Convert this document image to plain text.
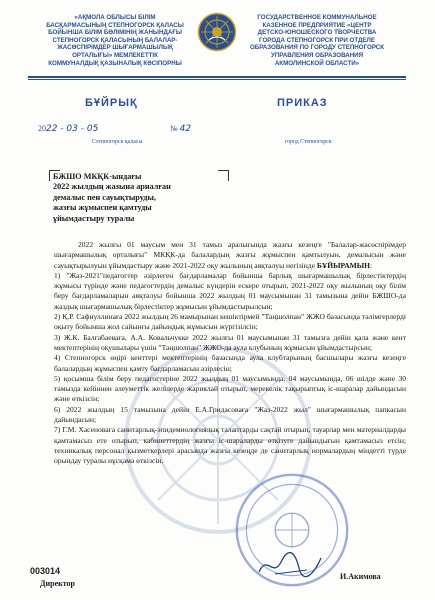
«АҚМОЛА ОБЛЫСЫ БІЛІМ
БАСҚАРМАСЫНЫҢ СТЕПНОГОРСК ҚАЛАСЫ
БОЙЫНША БІЛІМ БӨЛІМІНІҢ ЖАНЫНДАҒЫ
СТЕПНОГОРСК ҚАЛАСЫНЫҢ БАЛАЛАР-
ЖАСӨСПІРІМДЕР ШЫҒАРМАШЫЛЫҚ
ОРТАЛЫҒЫ» МЕМЛЕКЕТТІК
КОММУНАЛДЫҚ ҚАЗЫНАЛЫҚ КӘСІПОРНЫ
ГОСУДАРСТВЕННОЕ КОММУНАЛЬНОЕ
КАЗЕННОЕ ПРЕДПРИЯТИЕ «ЦЕНТР
ДЕТСКО-ЮНОШЕСКОГО ТВОРЧЕСТВА
ГОРОДА СТЕПНОГОРСК ПРИ ОТДЕЛЕ
ОБРАЗОВАНИЯ ПО ГОРОДУ СТЕПНОГОРСК
УПРАВЛЕНИЯ ОБРАЗОВАНИЯ
АКМОЛИНСКОЙ ОБЛАСТИ»
БҰЙРЫҚ	ПРИКАЗ
2022 - 03 - 05	№ 42
Степногорск қаласы	город Степногорск
БЖШО МКҚК-ындағы
2022 жылдың жазына арналған
демалыс пен сауықтыруды,
жазғы жұмыспен қамтуды
ұйымдастыру туралы

2022 жылғы 01 маусым мен 31 тамыз аралығында жазғы кезеңге "Балалар-жасөспірімдер шығармашылық орталығы" МКҚК-да балалардың жазғы жұмыспен қамтылуын, демалысын және сауықтырылуын ұйымдастыру және 2021-2022 оқу жылының аяқталуы негізінде БҰЙЫРАМЫН:

1) "Жаз-2021"педагогтер әзірлеген бағдарламалар бойынша барлық шығармашылық бірлестіктердің жұмысы түрінде және педагогтердің демалыс күндерін ескере отырып, 2021-2022 оқу жылының оқу білім беру бағдарламаларын аяқталуы бойынша 2022 жылдың 01 маусымынан 31 тамызына дейін БЖШО-да жаздық шығармашылық бірлестіктер жұмысын ұйымдастырылсын;

2) Қ.Р. Сафиуллинаға 2022 жылдың 26 мамырынан кешіктірмей "Таңшолпан" ЖЖО базасында тәлімгерлерді оқыту бойынша жол сайынғы дайындық жұмысын жүргізілсін;

3) Ж.К. Балғабаеваға, А.А. Ковальчукке 2022 жылғы 01 маусымынан 31 тамызға дейін қала және кент мектептерінің оқушылары үшін "Таңшолпан" ЖЖО-да аула клубының жұмысын ұйымдастырсын;

4) Степногорск өңірі кенттері мектептерінің базасында аула клубтарының басшылары жазғы кезеңге балалардың жұмыспен қамту бағдарламасын әзірлесін;

5) қосымша білім беру педагогтеріне 2022 жылдың 01 маусымында, 04 маусымында, 06 шілде және 30 тамызда кейіннен әлеуметтік желілерде жариялай отырып, мерекелік тақырыптық іс-шаралар дайындасын және өткізсін;

6) 2022 жылдың 15 тамызына дейін Е.А.Гридасоваға "Жаз-2022 жыл" шығармашылық папкасын дайындасын;

7) Г.М. Хасеноваға санитарлық-эпидемиологиялық талаптарды сақтай отырып, тауарлар мен материалдарды қамтамасыз ете отырып, кабинеттердің жазғы іс-шараларды өткізуге дайындығын қамтамасыз етсін; техникалық персонал қызметкерлері арасында жазғы кезеңде де санитарлық нормалардың міндетті түрде орындау туралы нұсқама өткізсін.

003014
Директор
И.Акимова
